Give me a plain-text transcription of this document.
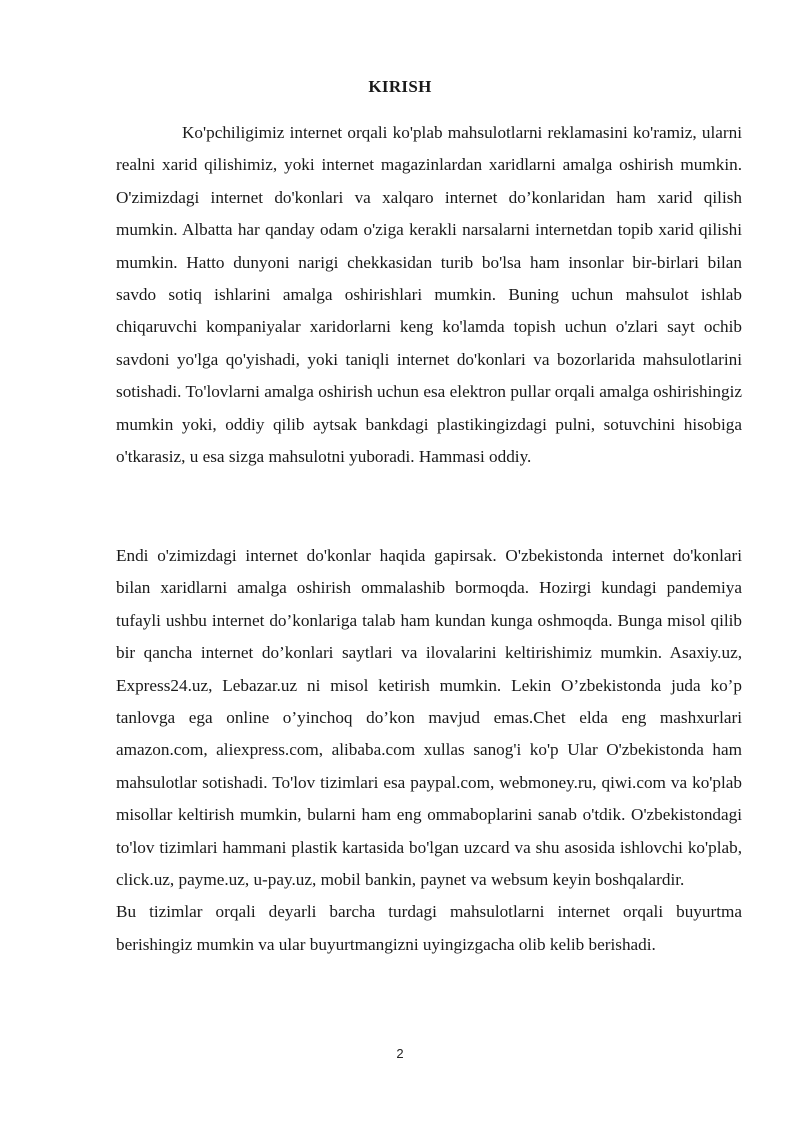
KIRISH

Ko'pchiligimiz internet orqali ko'plab mahsulotlarni reklamasini ko'ramiz, ularni realni xarid qilishimiz, yoki internet magazinlardan xaridlarni amalga oshirish mumkin. O'zimizdagi internet do'konlari va xalqaro internet do’konlaridan ham xarid qilish mumkin. Albatta har qanday odam o'ziga kerakli narsalarni internetdan topib xarid qilishi mumkin. Hatto dunyoni narigi chekkasidan turib bo'lsa ham insonlar bir-birlari bilan savdo sotiq ishlarini amalga oshirishlari mumkin. Buning uchun mahsulot ishlab chiqaruvchi kompaniyalar xaridorlarni keng ko'lamda topish uchun o'zlari sayt ochib savdoni yo'lga qo'yishadi, yoki taniqli internet do'konlari va bozorlarida mahsulotlarini sotishadi. To'lovlarni amalga oshirish uchun esa elektron pullar orqali amalga oshirishingiz mumkin yoki, oddiy qilib aytsak bankdagi plastikingizdagi pulni, sotuvchini hisobiga o'tkarasiz, u esa sizga mahsulotni yuboradi. Hammasi oddiy.

Endi o'zimizdagi internet do'konlar haqida gapirsak. O'zbekistonda internet do'konlari bilan xaridlarni amalga oshirish ommalashib bormoqda. Hozirgi kundagi pandemiya tufayli ushbu internet do’konlariga talab ham kundan kunga oshmoqda. Bunga misol qilib bir qancha internet do’konlari saytlari va ilovalarini keltirishimiz mumkin. Asaxiy.uz, Express24.uz, Lebazar.uz ni misol ketirish mumkin. Lekin O’zbekistonda juda ko’p tanlovga ega online o’yinchoq do’kon mavjud emas.Chet elda eng mashxurlari amazon.com, aliexpress.com, alibaba.com xullas sanog'i ko'p Ular O'zbekistonda ham mahsulotlar sotishadi. To'lov tizimlari esa paypal.com, webmoney.ru, qiwi.com va ko'plab misollar keltirish mumkin, bularni ham eng ommaboplarini sanab o'tdik. O'zbekistondagi to'lov tizimlari hammani plastik kartasida bo'lgan uzcard va shu asosida ishlovchi ko'plab, click.uz, payme.uz, u-pay.uz, mobil bankin, paynet va websum keyin boshqalardir.

Bu tizimlar orqali deyarli barcha turdagi mahsulotlarni internet orqali buyurtma berishingiz mumkin va ular buyurtmangizni uyingizgacha olib kelib berishadi.

2
